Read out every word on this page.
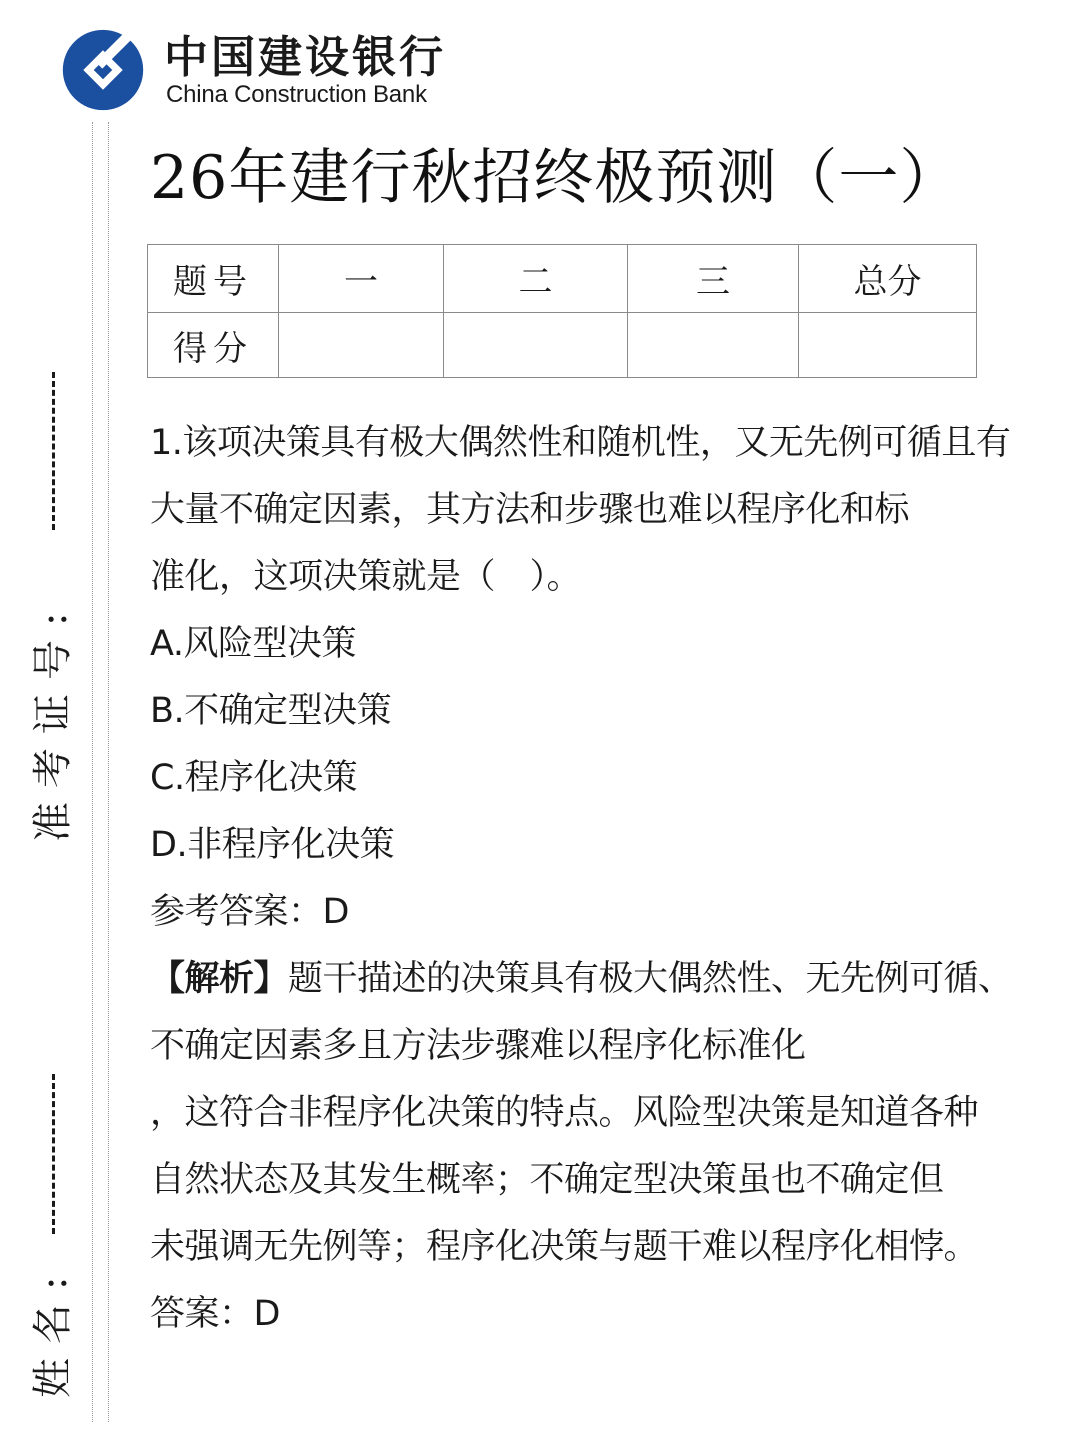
中国建设银行
China Construction Bank
准考证号:
姓名:
26年建行秋招终极预测（一）
题号	一	二	三	总分
得分				

1.该项决策具有极大偶然性和随机性，又无先例可循且有

大量不确定因素，其方法和步骤也难以程序化和标

准化，这项决策就是（　）。

A.风险型决策

B.不确定型决策

C.程序化决策

D.非程序化决策

参考答案：D

【解析】题干描述的决策具有极大偶然性、无先例可循、

不确定因素多且方法步骤难以程序化标准化

，这符合非程序化决策的特点。风险型决策是知道各种

自然状态及其发生概率；不确定型决策虽也不确定但

未强调无先例等；程序化决策与题干难以程序化相悖。

答案：D
